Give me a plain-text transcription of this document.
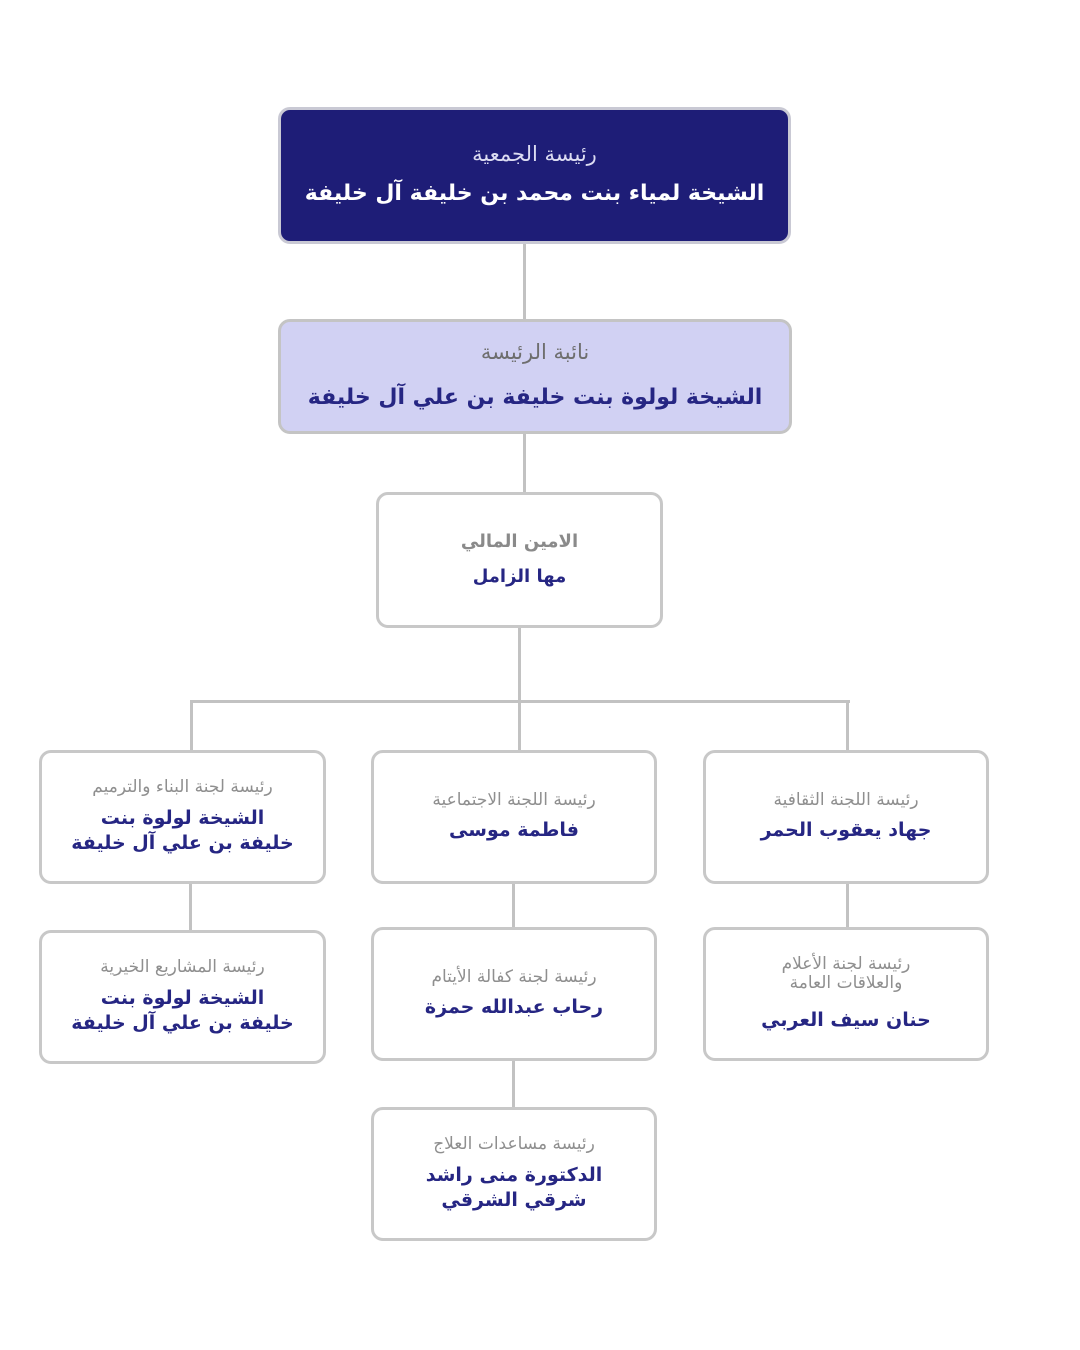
رئيسة الجمعية
الشيخة لمياء بنت محمد بن خليفة آل خليفة
نائبة الرئيسة
الشيخة لولوة بنت خليفة بن علي آل خليفة
الامين المالي
مها الزامل
رئيسة اللجنة الثقافية
جهاد يعقوب الحمر
رئيسة اللجنة الاجتماعية
فاطمة موسى
رئيسة لجنة البناء والترميم
الشيخة لولوة بنت
خليفة بن علي آل خليفة
رئيسة لجنة الأعلام
والعلاقات العامة
حنان سيف العربي
رئيسة لجنة كفالة الأيتام
رحاب عبدالله حمزة
رئيسة المشاريع الخيرية
الشيخة لولوة بنت
خليفة بن علي آل خليفة
رئيسة مساعدات العلاج
الدكتورة منى راشد
شرقي الشرقي
